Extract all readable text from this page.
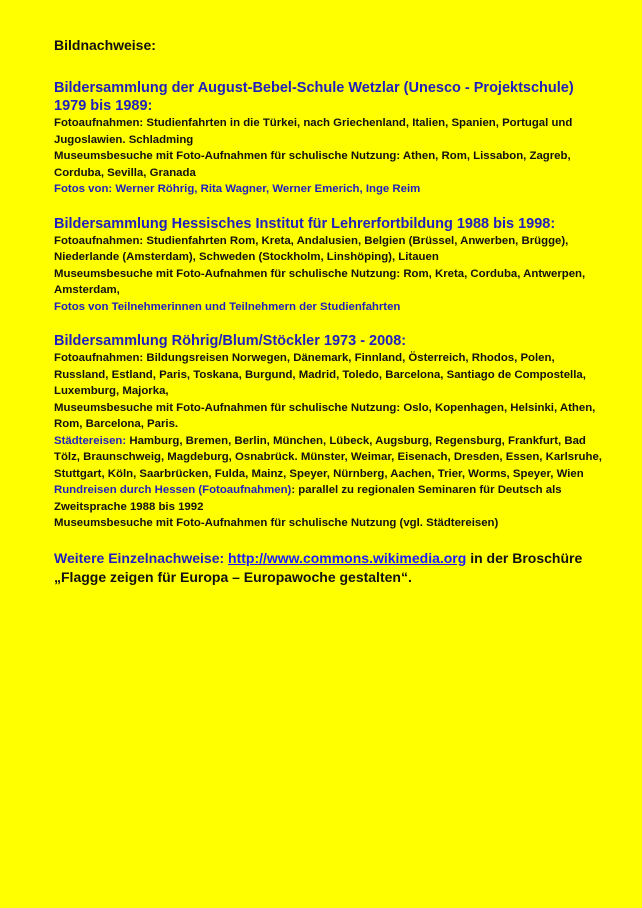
Bildnachweise:

Bildersammlung der August-Bebel-Schule Wetzlar (Unesco - Projektschule) 1979 bis 1989:

Fotoaufnahmen: Studienfahrten in die Türkei, nach Griechenland, Italien, Spanien, Portugal und Jugoslawien. Schladming

Museumsbesuche mit Foto-Aufnahmen für schulische Nutzung: Athen, Rom, Lissabon, Zagreb, Corduba, Sevilla, Granada

Fotos von: Werner Röhrig, Rita Wagner, Werner Emerich, Inge Reim

Bildersammlung Hessisches Institut für Lehrerfortbildung 1988 bis 1998:

Fotoaufnahmen: Studienfahrten Rom, Kreta, Andalusien, Belgien (Brüssel, Anwerben, Brügge), Niederlande (Amsterdam), Schweden (Stockholm, Linshöping), Litauen

Museumsbesuche mit Foto-Aufnahmen für schulische Nutzung: Rom, Kreta, Corduba, Antwerpen, Amsterdam,

Fotos von Teilnehmerinnen und Teilnehmern der Studienfahrten

Bildersammlung Röhrig/Blum/Stöckler 1973 - 2008:

Fotoaufnahmen: Bildungsreisen Norwegen, Dänemark, Finnland, Österreich, Rhodos, Polen, Russland, Estland, Paris, Toskana, Burgund, Madrid, Toledo, Barcelona, Santiago de Compostella, Luxemburg, Majorka,

Museumsbesuche mit Foto-Aufnahmen für schulische Nutzung: Oslo, Kopenhagen, Helsinki, Athen, Rom, Barcelona, Paris.

Städtereisen: Hamburg, Bremen, Berlin, München, Lübeck, Augsburg, Regensburg, Frankfurt, Bad Tölz, Braunschweig, Magdeburg, Osnabrück. Münster, Weimar, Eisenach, Dresden, Essen, Karlsruhe, Stuttgart, Köln, Saarbrücken, Fulda, Mainz, Speyer, Nürnberg, Aachen, Trier, Worms, Speyer, Wien

Rundreisen durch Hessen (Fotoaufnahmen): parallel zu regionalen Seminaren für Deutsch als Zweitsprache 1988 bis 1992

Museumsbesuche mit Foto-Aufnahmen für schulische Nutzung (vgl. Städtereisen)

Weitere Einzelnachweise: http://www.commons.wikimedia.org in der Broschüre
„Flagge zeigen für Europa – Europawoche gestalten“.
